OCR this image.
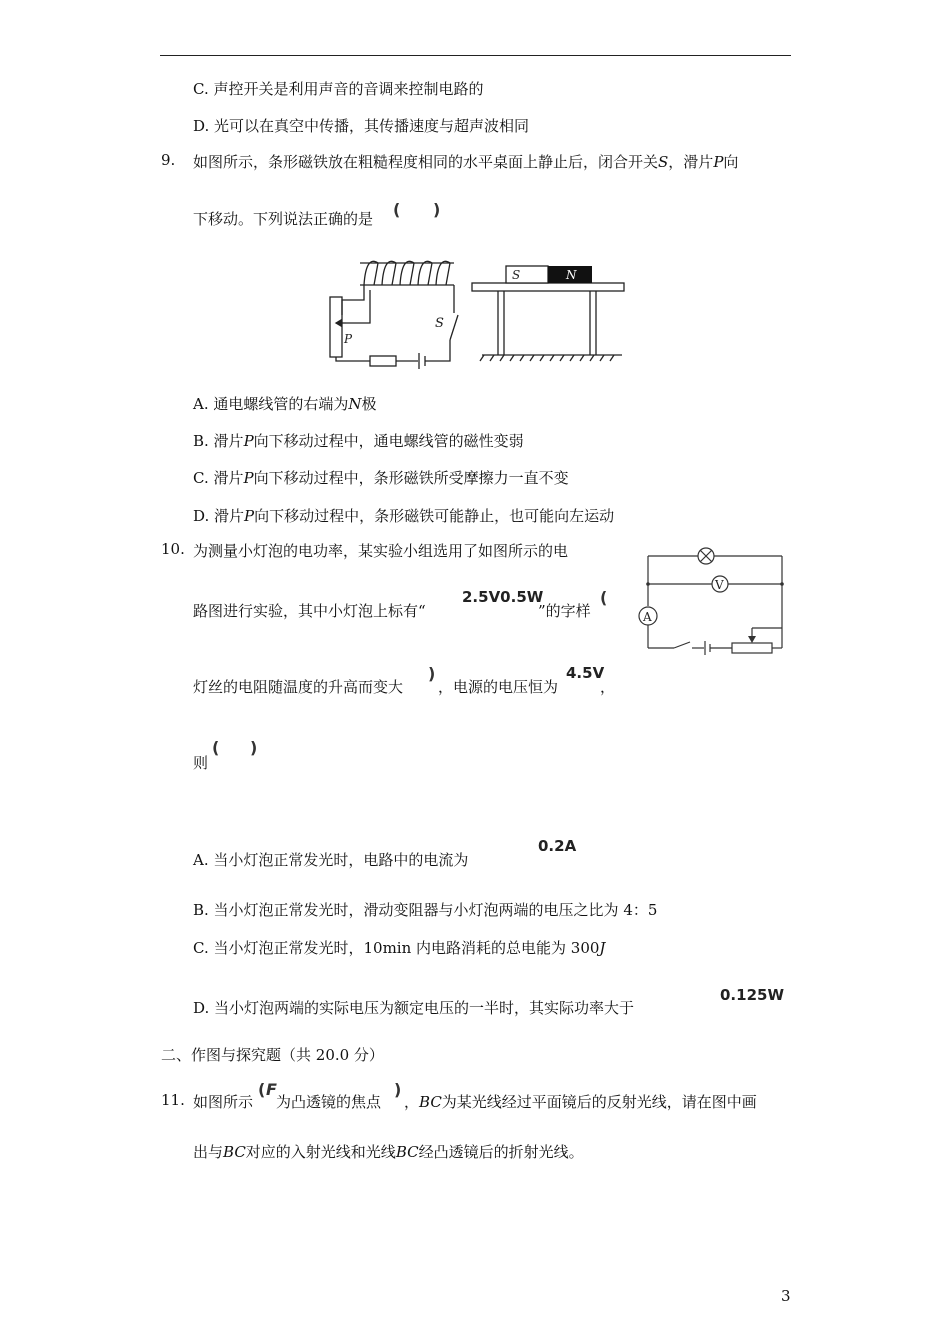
C. 声控开关是利用声音的音调来控制电路的
D. 光可以在真空中传播，其传播速度与超声波相同
9. 如图所示，条形磁铁放在粗糙程度相同的水平桌面上静止后，闭合开关S，滑片P向
下移动。下列说法正确的是 ( )
S	N
P
S
A. 通电螺线管的右端为N极
B. 滑片P向下移动过程中，通电螺线管的磁性变弱
C. 滑片P向下移动过程中，条形磁铁所受摩擦力一直不变
D. 滑片P向下移动过程中，条形磁铁可能静止，也可能向左运动
10. 为测量小灯泡的电功率，某实验小组选用了如图所示的电
路图进行实验，其中小灯泡上标有“
2.5V0.5W
”的字样
(
灯丝的电阻随温度的升高而变大
)
，电源的电压恒为
4.5V
，
则
( )
V
A
A. 当小灯泡正常发光时，电路中的电流为
0.2A
B. 当小灯泡正常发光时，滑动变阻器与小灯泡两端的电压之比为 4：5
C. 当小灯泡正常发光时，10min 内电路消耗的总电能为 300J
D. 当小灯泡两端的实际电压为额定电压的一半时，其实际功率大于
0.125W
二、作图与探究题（共 20.0 分）
11. 如图所示
( F
为凸透镜的焦点
)
，BC为某光线经过平面镜后的反射光线，请在图中画
出与BC对应的入射光线和光线BC经凸透镜后的折射光线。
3
